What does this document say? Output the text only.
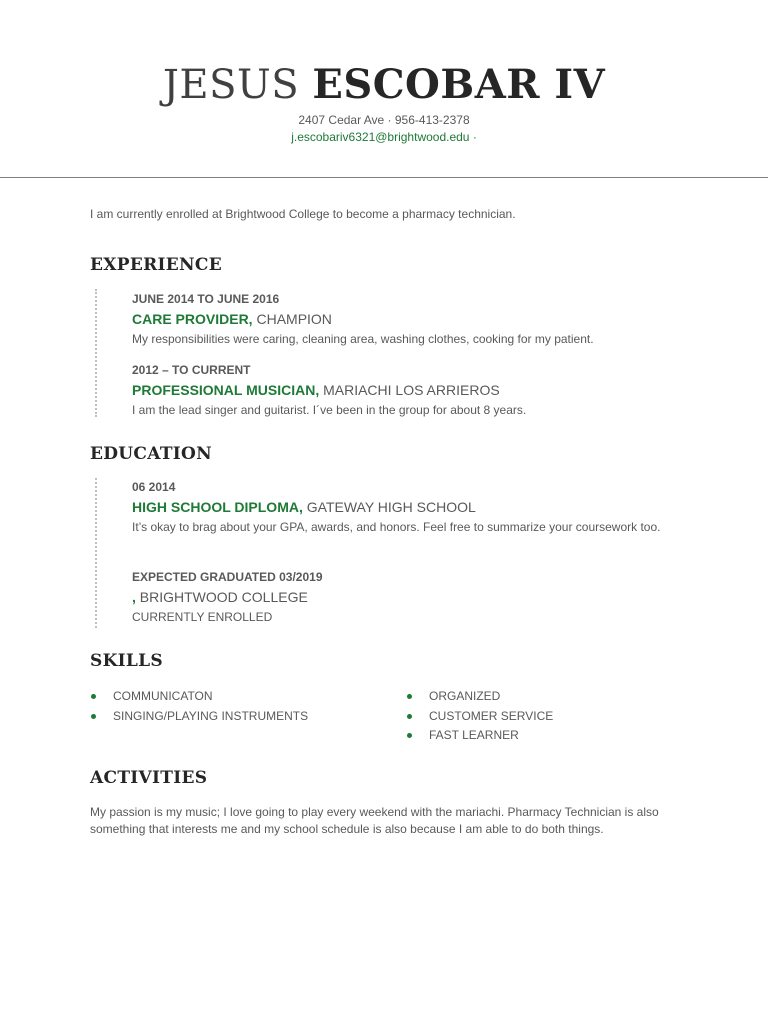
JESUS ESCOBAR IV
2407 Cedar Ave · 956-413-2378
j.escobariv6321@brightwood.edu ·
I am currently enrolled at Brightwood College to become a pharmacy technician.
EXPERIENCE
JUNE 2014 TO JUNE 2016
CARE PROVIDER, CHAMPION
My responsibilities were caring, cleaning area, washing clothes, cooking for my patient.
2012 – TO CURRENT
PROFESSIONAL MUSICIAN, MARIACHI LOS ARRIEROS
I am the lead singer and guitarist. I´ve been in the group for about 8 years.
EDUCATION
06 2014
HIGH SCHOOL DIPLOMA, GATEWAY HIGH SCHOOL
It’s okay to brag about your GPA, awards, and honors. Feel free to summarize your coursework too.
EXPECTED GRADUATED 03/2019
, BRIGHTWOOD COLLEGE
CURRENTLY ENROLLED
SKILLS
COMMUNICATON
SINGING/PLAYING INSTRUMENTS
ORGANIZED
CUSTOMER SERVICE
FAST LEARNER
ACTIVITIES
My passion is my music; I love going to play every weekend with the mariachi. Pharmacy Technician is also something that interests me and my school schedule is also because I am able to do both things.
